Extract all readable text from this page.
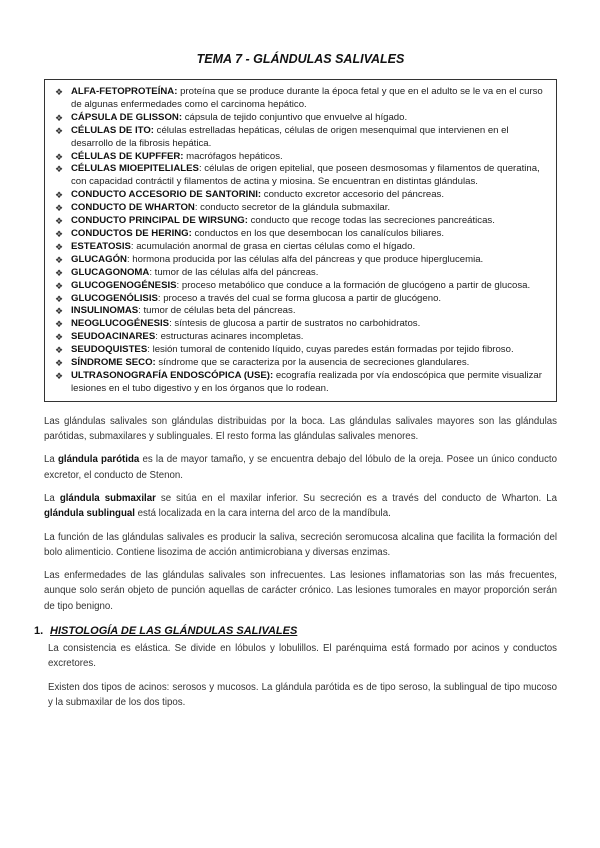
TEMA 7 - GLÁNDULAS SALIVALES
❖ ALFA-FETOPROTEÍNA: proteína que se produce durante la época fetal y que en el adulto se le va en el curso de algunas enfermedades como el carcinoma hepático.
❖ CÁPSULA DE GLISSON: cápsula de tejido conjuntivo que envuelve al hígado.
❖ CÉLULAS DE ITO: células estrelladas hepáticas, células de origen mesenquimal que intervienen en el desarrollo de la fibrosis hepática.
❖ CÉLULAS DE KUPFFER: macrófagos hepáticos.
❖ CÉLULAS MIOEPITELIALES: células de origen epitelial, que poseen desmosomas y filamentos de queratina, con capacidad contráctil y filamentos de actina y miosina. Se encuentran en distintas glándulas.
❖ CONDUCTO ACCESORIO DE SANTORINI: conducto excretor accesorio del páncreas.
❖ CONDUCTO DE WHARTON: conducto secretor de la glándula submaxilar.
❖ CONDUCTO PRINCIPAL DE WIRSUNG: conducto que recoge todas las secreciones pancreáticas.
❖ CONDUCTOS DE HERING: conductos en los que desembocan los canalículos biliares.
❖ ESTEATOSIS: acumulación anormal de grasa en ciertas células como el hígado.
❖ GLUCAGÓN: hormona producida por las células alfa del páncreas y que produce hiperglucemia.
❖ GLUCAGONOMA: tumor de las células alfa del páncreas.
❖ GLUCOGENOGÉNESIS: proceso metabólico que conduce a la formación de glucógeno a partir de glucosa.
❖ GLUCOGENÓLISIS: proceso a través del cual se forma glucosa a partir de glucógeno.
❖ INSULINOMAS: tumor de células beta del páncreas.
❖ NEOGLUCOGÉNESIS: síntesis de glucosa a partir de sustratos no carbohidratos.
❖ SEUDOACINARES: estructuras acinares incompletas.
❖ SEUDOQUISTES: lesión tumoral de contenido líquido, cuyas paredes están formadas por tejido fibroso.
❖ SÍNDROME SECO: síndrome que se caracteriza por la ausencia de secreciones glandulares.
❖ ULTRASONOGRAFÍA ENDOSCÓPICA (USE): ecografía realizada por vía endoscópica que permite visualizar lesiones en el tubo digestivo y en los órganos que lo rodean.

Las glándulas salivales son glándulas distribuidas por la boca. Las glándulas salivales mayores son las glándulas parótidas, submaxilares y sublinguales. El resto forma las glándulas salivales menores.

La glándula parótida es la de mayor tamaño, y se encuentra debajo del lóbulo de la oreja. Posee un único conducto excretor, el conducto de Stenon.

La glándula submaxilar se sitúa en el maxilar inferior. Su secreción es a través del conducto de Wharton. La glándula sublingual está localizada en la cara interna del arco de la mandíbula.

La función de las glándulas salivales es producir la saliva, secreción seromucosa alcalina que facilita la formación del bolo alimenticio. Contiene lisozima de acción antimicrobiana y diversas enzimas.

Las enfermedades de las glándulas salivales son infrecuentes. Las lesiones inflamatorias son las más frecuentes, aunque solo serán objeto de punción aquellas de carácter crónico. Las lesiones tumorales en mayor proporción serán de tipo benigno.

1. HISTOLOGÍA DE LAS GLÁNDULAS SALIVALES

La consistencia es elástica. Se divide en lóbulos y lobulillos. El parénquima está formado por acinos y conductos excretores.

Existen dos tipos de acinos: serosos y mucosos. La glándula parótida es de tipo seroso, la sublingual de tipo mucoso y la submaxilar de los dos tipos.
